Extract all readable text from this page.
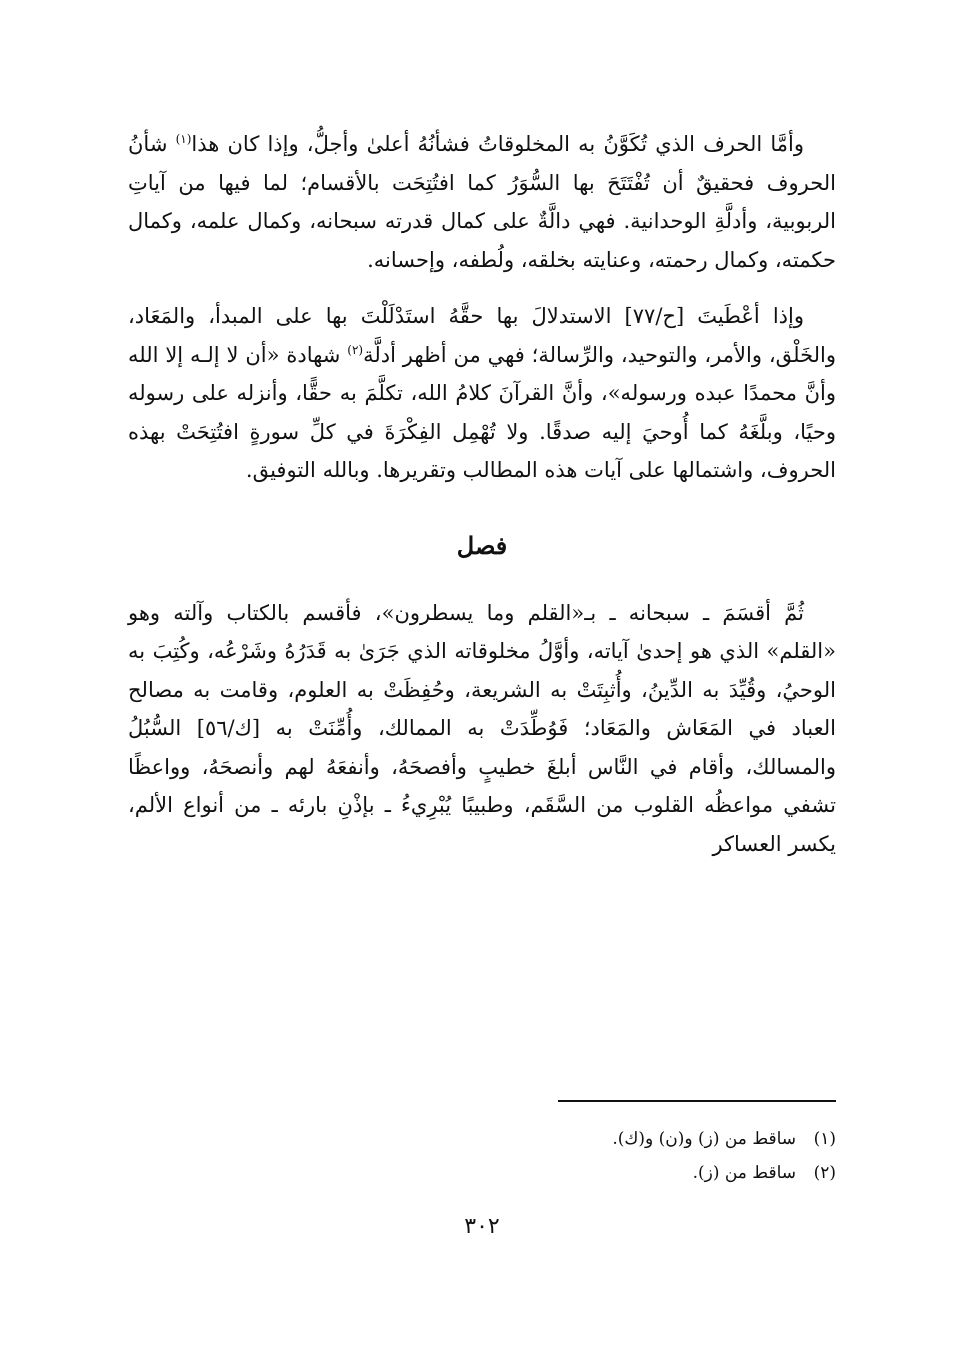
وأمَّا الحرف الذي تُكَوَّنُ به المخلوقاتُ فشأنُهُ أعلىٰ وأجلُّ، وإذا كان هذا$^{(١)}$ شأنُ الحروف فحقيقٌ أن تُفْتَتَحَ بها السُّوَرُ كما افتُتِحَت بالأقسام؛ لما فيها من آياتِ الربوبية، وأدلَّةِ الوحدانية. فهي دالَّةٌ على كمال قدرته سبحانه، وكمال علمه، وكمال حكمته، وكمال رحمته، وعنايته بخلقه، ولُطفه، وإحسانه.

وإذا أعْطَيتَ [ح/٧٧] الاستدلالَ بها حقَّهُ استَدْلَلْتَ بها على المبدأ، والمَعَاد، والخَلْق، والأمر، والتوحيد، والرِّسالة؛ فهي من أظهر أدلَّة$^{(٢)}$ شهادة «أن لا إلـه إلا الله وأنَّ محمدًا عبده ورسوله»، وأنَّ القرآنَ كلامُ الله، تكلَّمَ به حقًّا، وأنزله على رسوله وحيًا، وبلَّغَهُ كما أُوحيَ إليه صدقًا. ولا تُهْمِل الفِكْرَةَ في كلِّ سورةٍ افتُتِحَتْ بهذه الحروف، واشتمالها على آيات هذه المطالب وتقريرها. وبالله التوفيق.

فصل

ثُمَّ أقسَمَ ـ سبحانه ـ بـ«القلم وما يسطرون»، فأقسم بالكتاب وآلته وهو «القلم» الذي هو إحدىٰ آياته، وأوَّلُ مخلوقاته الذي جَرَىٰ به قَدَرُهُ وشَرْعُه، وكُتِبَ به الوحيُ، وقُيِّدَ به الدِّينُ، وأُثبِتَتْ به الشريعة، وحُفِظَتْ به العلوم، وقامت به مصالح العباد في المَعَاش والمَعَاد؛ فَوُطِّدَتْ به الممالك، وأُمِّنَتْ به [ك/٥٦] السُّبُلُ والمسالك، وأقام في النَّاس أبلغَ خطيبٍ وأفصحَهُ، وأنفعَهُ لهم وأنصحَهُ، وواعظًا تشفي مواعظُه القلوب من السَّقَم، وطبيبًا يُبْرِيءُ ـ بإذْنِ بارئه ـ من أنواع الألم، يكسر العساكر

(١)
ساقط من (ز) و(ن) و(ك).
(٢)
ساقط من (ز).
٣٠٢
